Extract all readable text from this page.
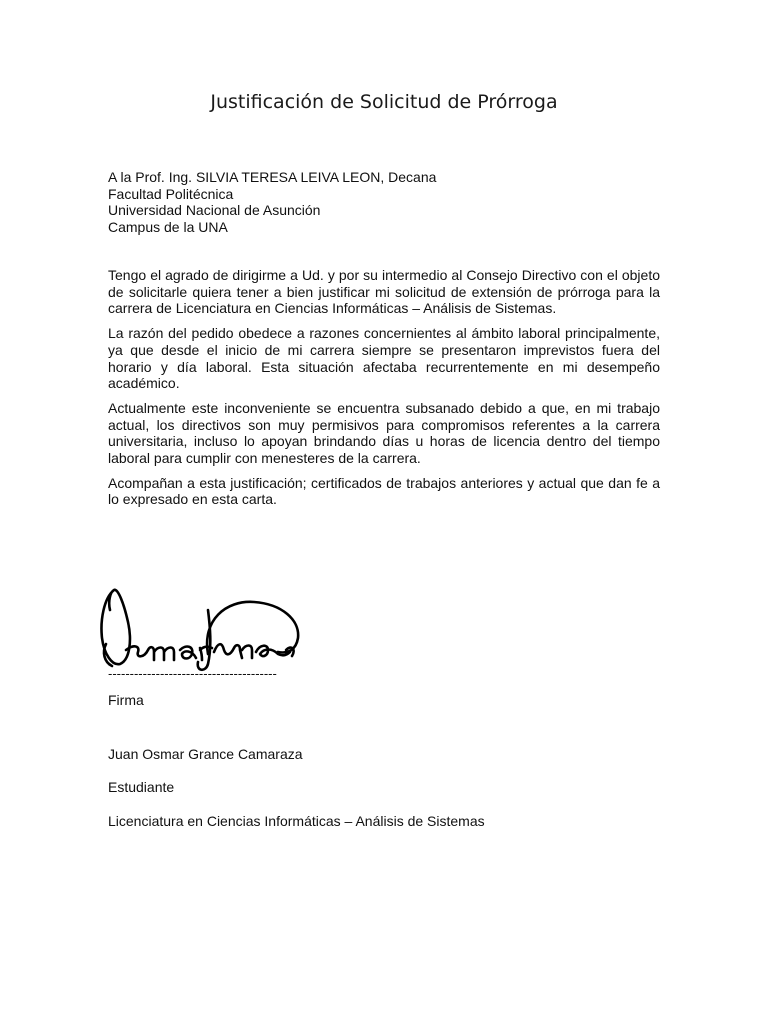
Justificación de Solicitud de Prórroga
A la Prof. Ing. SILVIA TERESA LEIVA LEON, Decana
Facultad Politécnica
Universidad Nacional de Asunción
Campus de la UNA

Tengo el agrado de dirigirme a Ud. y por su intermedio al Consejo Directivo con el objeto de solicitarle quiera tener a bien justificar mi solicitud de extensión de prórroga para la carrera de Licenciatura en Ciencias Informáticas – Análisis de Sistemas.

La razón del pedido obedece a razones concernientes al ámbito laboral principalmente, ya que desde el inicio de mi carrera siempre se presentaron imprevistos fuera del horario y día laboral. Esta situación afectaba recurrentemente en mi desempeño académico.

Actualmente este inconveniente se encuentra subsanado debido a que, en mi trabajo actual, los directivos son muy permisivos para compromisos referentes a la carrera universitaria, incluso lo apoyan brindando días u horas de licencia dentro del tiempo laboral para cumplir con menesteres de la carrera.

Acompañan a esta justificación; certificados de trabajos anteriores y actual que dan fe a lo expresado en esta carta.

---------------------------------------
Firma
Juan Osmar Grance Camaraza
Estudiante
Licenciatura en Ciencias Informáticas – Análisis de Sistemas
